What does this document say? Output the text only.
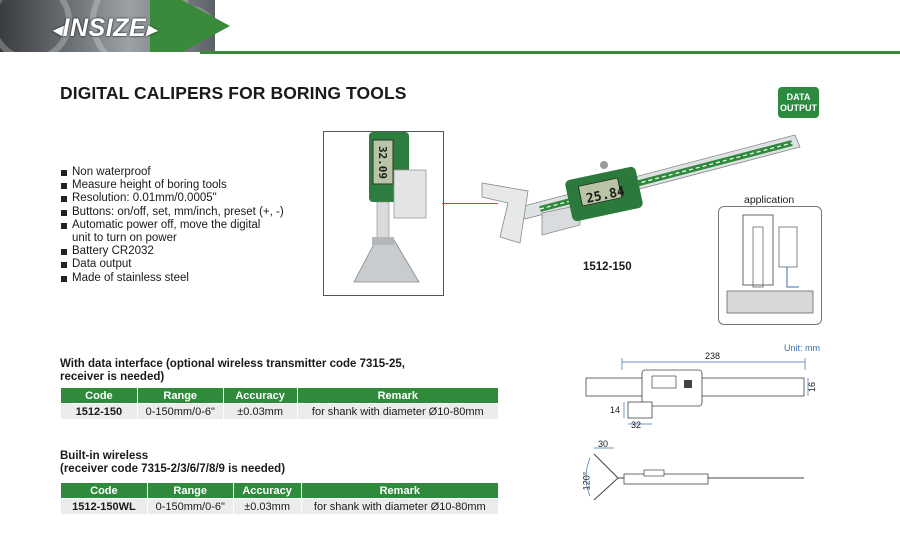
◂INSIZE▸
DIGITAL CALIPERS FOR BORING TOOLS	DATA
OUTPUT
Non waterproof
Measure height of boring tools
Resolution: 0.01mm/0.0005"
Buttons: on/off, set, mm/inch, preset (+, -)
Automatic power off, move the digital
unit to turn on power
Battery CR2032
Data output
Made of stainless steel
32.09
25.84
1512-150
application
Unit: mm
238
16
14
32
30
120°
With data interface (optional wireless transmitter code 7315-25,
receiver is needed)
Code	Range	Accuracy	Remark
1512-150	0-150mm/0-6"	±0.03mm	for shank with diameter Ø10-80mm
Built-in wireless
(receiver code 7315-2/3/6/7/8/9 is needed)
Code	Range	Accuracy	Remark
1512-150WL	0-150mm/0-6"	±0.03mm	for shank with diameter Ø10-80mm
